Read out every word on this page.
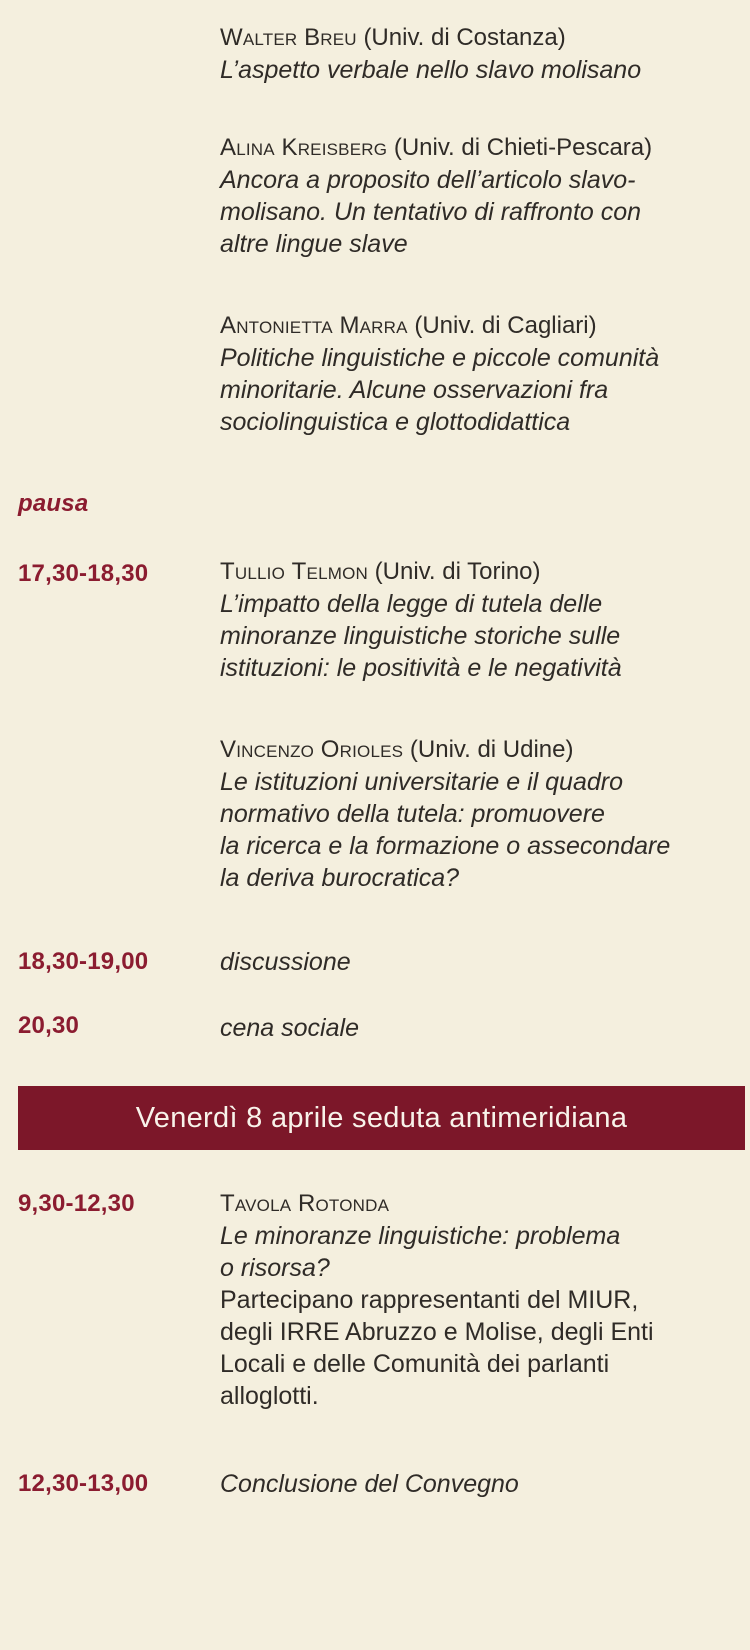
Walter Breu (Univ. di Costanza)
L’aspetto verbale nello slavo molisano
Alina Kreisberg (Univ. di Chieti-Pescara)
Ancora a proposito dell’articolo slavo-
molisano. Un tentativo di raffronto con
altre lingue slave
Antonietta Marra (Univ. di Cagliari)
Politiche linguistiche e piccole comunità
minoritarie. Alcune osservazioni fra
sociolinguistica e glottodidattica
pausa
17,30-18,30	Tullio Telmon (Univ. di Torino)
L’impatto della legge di tutela delle
minoranze linguistiche storiche sulle
istituzioni: le positività e le negatività
Vincenzo Orioles (Univ. di Udine)
Le istituzioni universitarie e il quadro
normativo della tutela: promuovere
la ricerca e la formazione o assecondare
la deriva burocratica?
18,30-19,00	discussione
20,30	cena sociale
Venerdì 8 aprile seduta antimeridiana
9,30-12,30	Tavola Rotonda
Le minoranze linguistiche: problema
o risorsa?
Partecipano rappresentanti del MIUR,
degli IRRE Abruzzo e Molise, degli Enti
Locali e delle Comunità dei parlanti
alloglotti.
12,30-13,00	Conclusione del Convegno
